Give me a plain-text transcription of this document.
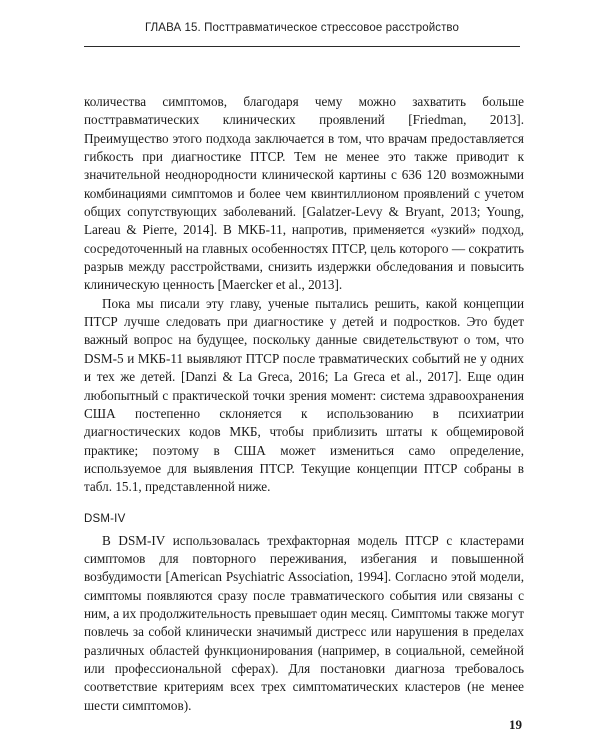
ГЛАВА 15. Посттравматическое стрессовое расстройство

количества симптомов, благодаря чему можно захватить больше посттравматических клинических проявлений [Friedman, 2013]. Преимущество этого подхода заключается в том, что врачам предоставляется гибкость при диагностике ПТСР. Тем не менее это также приводит к значительной неоднородности клинической картины с 636 120 возможными комбинациями симптомов и более чем квинтиллионом проявлений с учетом общих сопутствующих заболеваний. [Galatzer-Levy & Bryant, 2013; Young, Lareau & Pierre, 2014]. В МКБ-11, напротив, применяется «узкий» подход, сосредоточенный на главных особенностях ПТСР, цель которого — сократить разрыв между расстройствами, снизить издержки обследования и повысить клиническую ценность [Maercker et al., 2013].

Пока мы писали эту главу, ученые пытались решить, какой концепции ПТСР лучше следовать при диагностике у детей и подростков. Это будет важный вопрос на будущее, поскольку данные свидетельствуют о том, что DSM-5 и МКБ-11 выявляют ПТСР после травматических событий не у одних и тех же детей. [Danzi & La Greca, 2016; La Greca et al., 2017]. Еще один любопытный с практической точки зрения момент: система здравоохранения США постепенно склоняется к использованию в психиатрии диагностических кодов МКБ, чтобы приблизить штаты к общемировой практике; поэтому в США может измениться само определение, используемое для выявления ПТСР. Текущие концепции ПТСР собраны в табл. 15.1, представленной ниже.

DSM-IV

В DSM-IV использовалась трехфакторная модель ПТСР с кластерами симптомов для повторного переживания, избегания и повышенной возбудимости [American Psychiatric Association, 1994]. Согласно этой модели, симптомы появляются сразу после травматического события или связаны с ним, а их продолжительность превышает один месяц. Симптомы также могут повлечь за собой клинически значимый дистресс или нарушения в пределах различных областей функционирования (например, в социальной, семейной или профессиональной сферах). Для постановки диагноза требовалось соответствие критериям всех трех симптоматических кластеров (не менее шести симптомов).

19
